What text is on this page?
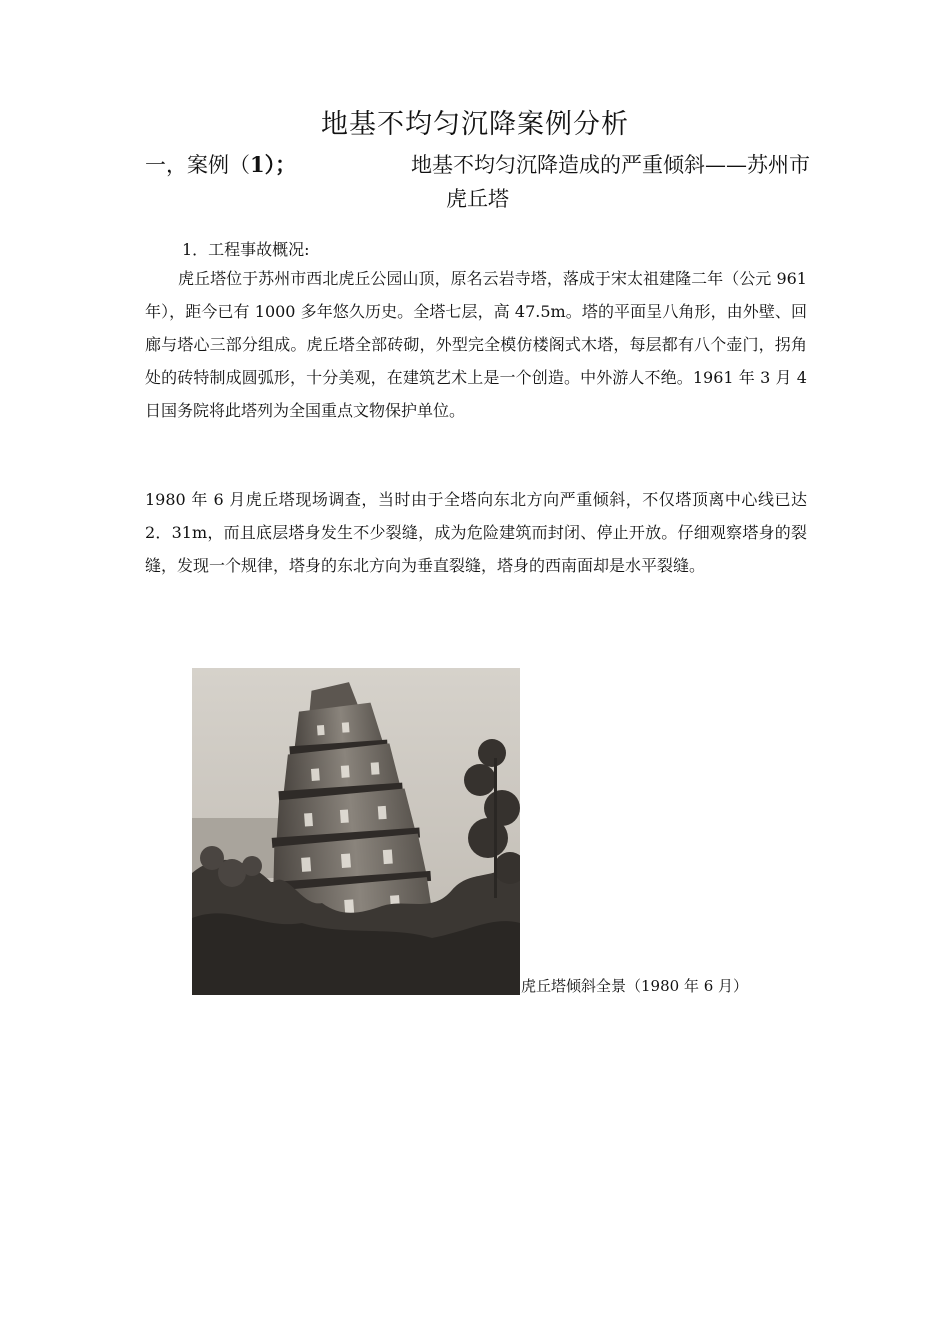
地基不均匀沉降案例分析
一，案例（1）；	地基不均匀沉降造成的严重倾斜——苏州市
虎丘塔
1．工程事故概况:
虎丘塔位于苏州市西北虎丘公园山顶，原名云岩寺塔，落成于宋太祖建隆二年（公元 961 年），距今已有 1000 多年悠久历史。全塔七层，高 47.5m。塔的平面呈八角形，由外壁、回廊与塔心三部分组成。虎丘塔全部砖砌，外型完全模仿楼阁式木塔，每层都有八个壶门，拐角处的砖特制成圆弧形，十分美观，在建筑艺术上是一个创造。中外游人不绝。1961 年 3 月 4 日国务院将此塔列为全国重点文物保护单位。
1980 年 6 月虎丘塔现场调查，当时由于全塔向东北方向严重倾斜，不仅塔顶离中心线已达 2．31m，而且底层塔身发生不少裂缝，成为危险建筑而封闭、停止开放。仔细观察塔身的裂缝，发现一个规律，塔身的东北方向为垂直裂缝，塔身的西南面却是水平裂缝。
虎丘塔倾斜全景（1980 年 6 月）
